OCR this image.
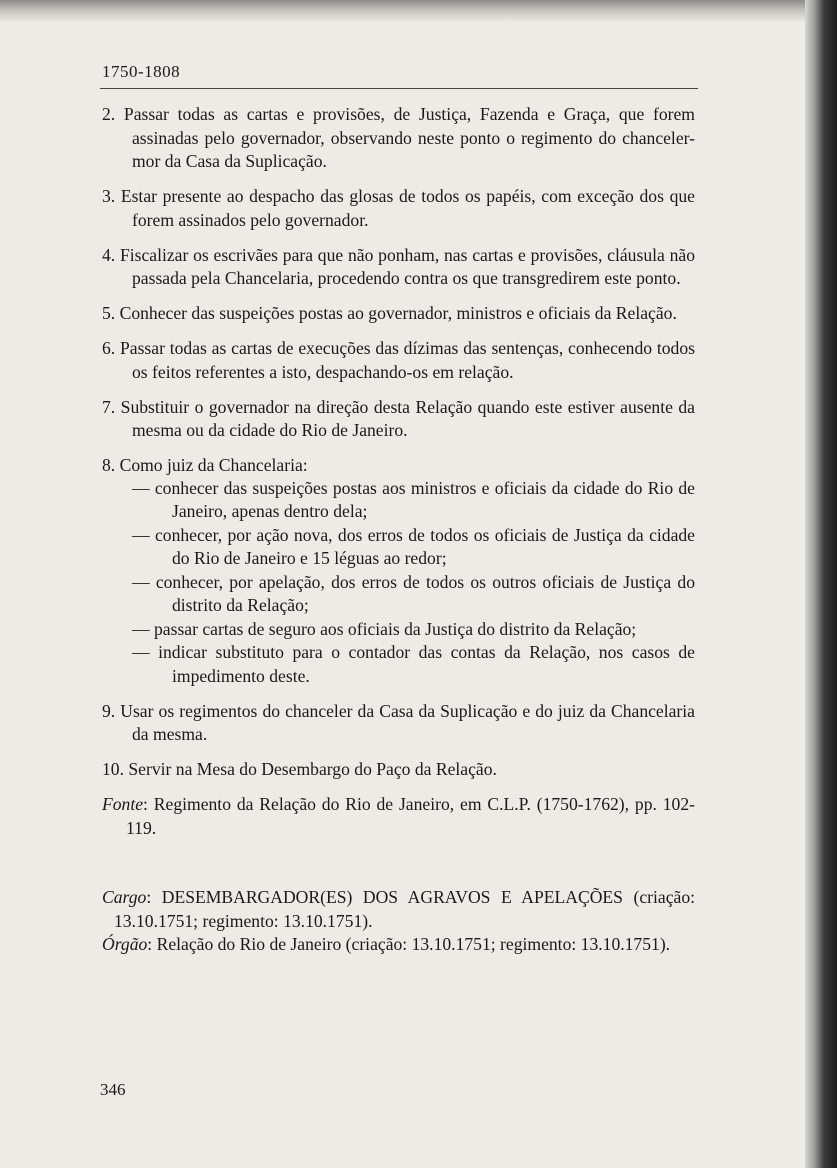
1750-1808

2. Passar todas as cartas e provisões, de Justiça, Fazenda e Graça, que forem assinadas pelo governador, observando neste ponto o regimento do chanceler-mor da Casa da Suplicação.

3. Estar presente ao despacho das glosas de todos os papéis, com exceção dos que forem assinados pelo governador.

4. Fiscalizar os escrivães para que não ponham, nas cartas e provisões, cláusula não passada pela Chancelaria, procedendo contra os que transgredirem este ponto.

5. Conhecer das suspeições postas ao governador, ministros e oficiais da Relação.

6. Passar todas as cartas de execuções das dízimas das sentenças, conhecendo todos os feitos referentes a isto, despachando-os em relação.

7. Substituir o governador na direção desta Relação quando este estiver ausente da mesma ou da cidade do Rio de Janeiro.

8. Como juiz da Chancelaria:

— conhecer das suspeições postas aos ministros e oficiais da cidade do Rio de Janeiro, apenas dentro dela;

— conhecer, por ação nova, dos erros de todos os oficiais de Justiça da cidade do Rio de Janeiro e 15 léguas ao redor;

— conhecer, por apelação, dos erros de todos os outros oficiais de Justiça do distrito da Relação;

— passar cartas de seguro aos oficiais da Justiça do distrito da Relação;

— indicar substituto para o contador das contas da Relação, nos casos de impedimento deste.

9. Usar os regimentos do chanceler da Casa da Suplicação e do juiz da Chancelaria da mesma.

10. Servir na Mesa do Desembargo do Paço da Relação.

Fonte: Regimento da Relação do Rio de Janeiro, em C.L.P. (1750-1762), pp. 102-119.

Cargo: DESEMBARGADOR(ES) DOS AGRAVOS E APELAÇÕES (criação: 13.10.1751; regimento: 13.10.1751).

Órgão: Relação do Rio de Janeiro (criação: 13.10.1751; regimento: 13.10.1751).

346
